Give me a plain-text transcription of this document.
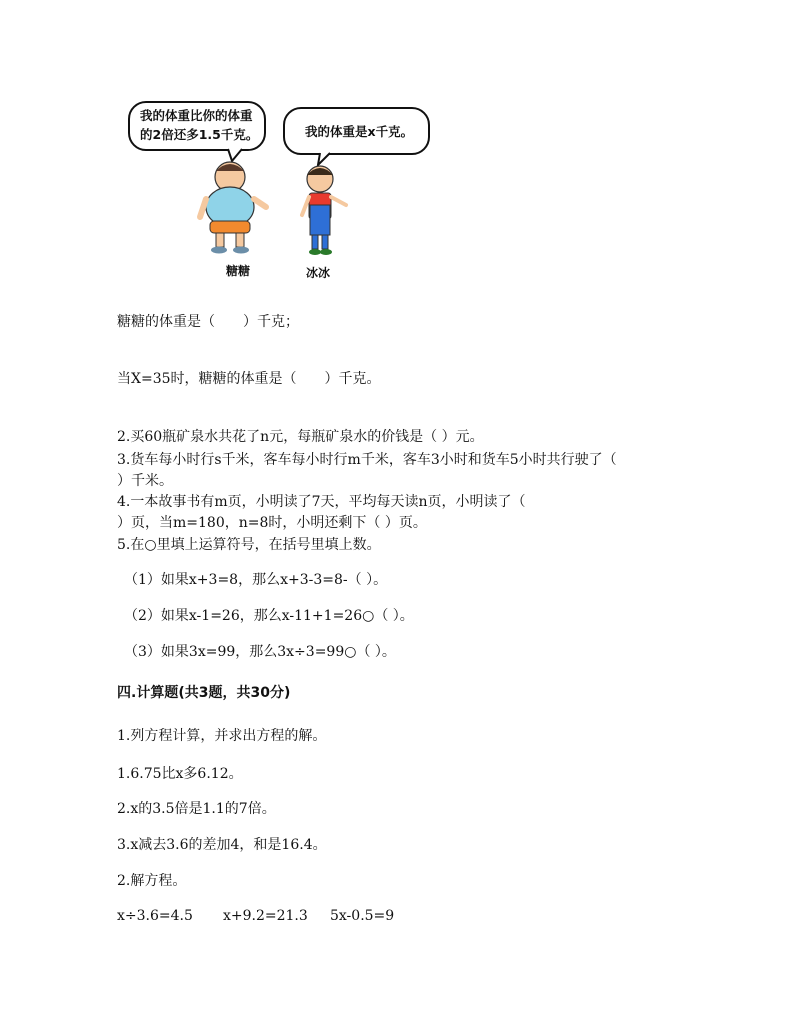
我的体重比你的体重
的2倍还多1.5千克。	我的体重是x千克。
糖糖	冰冰
糖糖的体重是（　　）千克；
当X=35时，糖糖的体重是（　　）千克。
2.买60瓶矿泉水共花了n元，每瓶矿泉水的价钱是（ ）元。
3.货车每小时行s千米，客车每小时行m千米，客车3小时和货车5小时共行驶了（
）千米。
4.一本故事书有m页，小明读了7天，平均每天读n页，小明读了（
）页，当m=180，n=8时，小明还剩下（ ）页。
5.在○里填上运算符号，在括号里填上数。
（1）如果x+3=8，那么x+3-3=8-（ ）。
（2）如果x-1=26，那么x-11+1=26○（ ）。
（3）如果3x=99，那么3x÷3=99○（ ）。
四.计算题(共3题，共30分)
1.列方程计算，并求出方程的解。
1.6.75比x多6.12。
2.x的3.5倍是1.1的7倍。
3.x减去3.6的差加4，和是16.4。
2.解方程。
x÷3.6=4.5 x+9.2=21.3 5x-0.5=9
